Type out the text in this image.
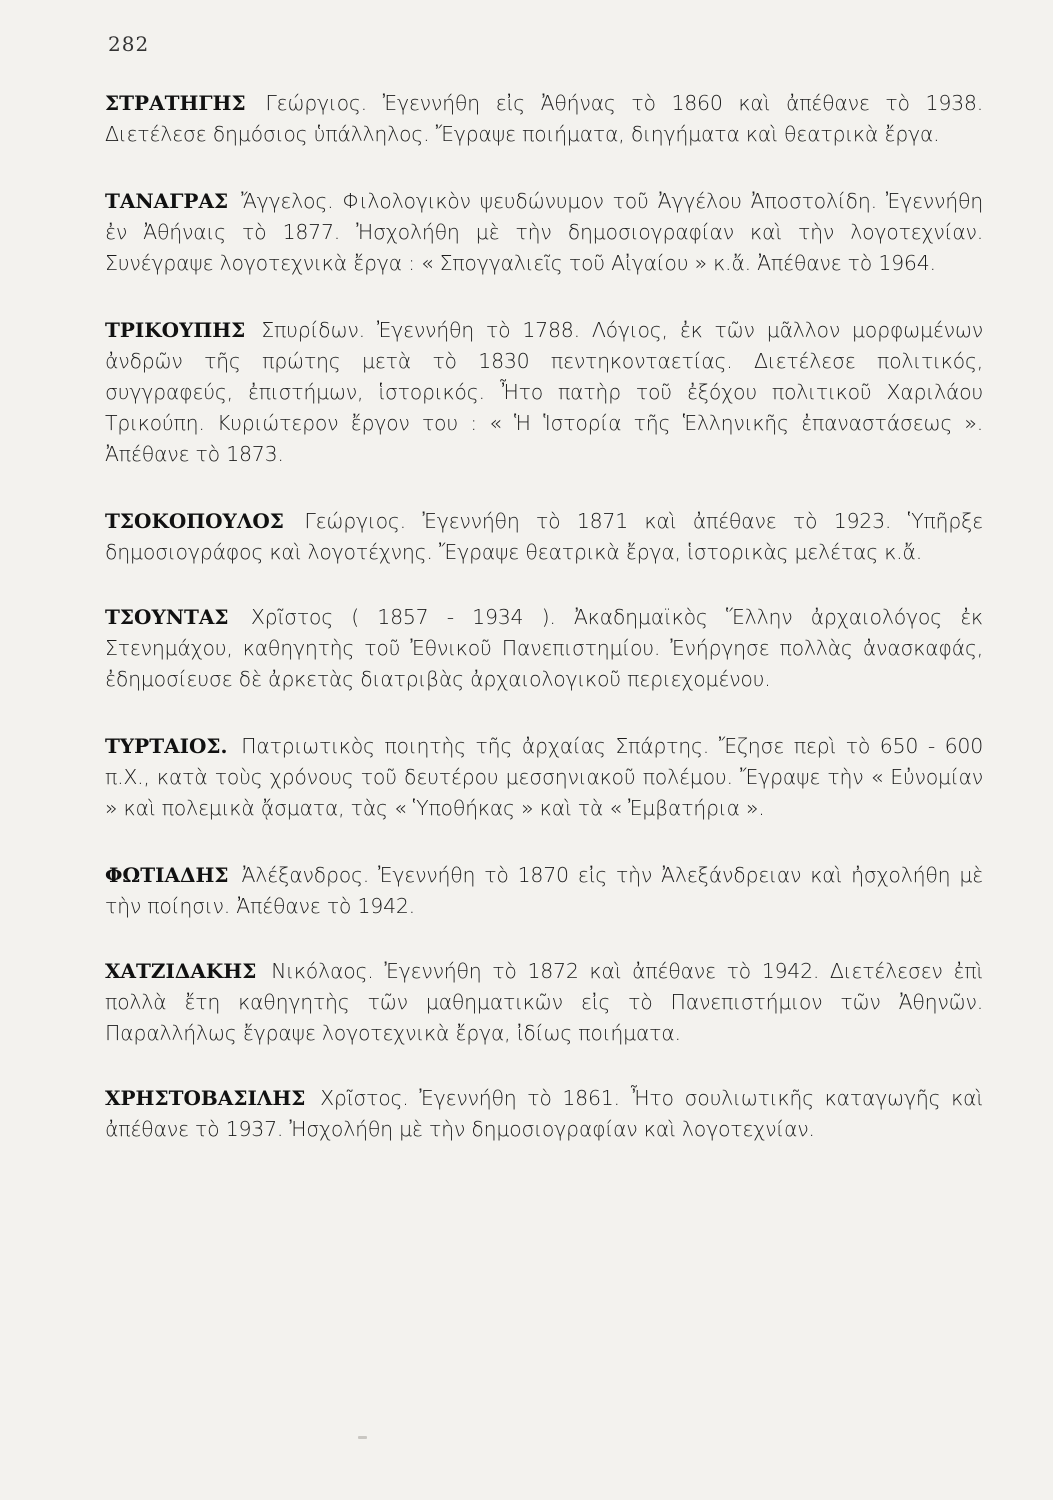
282

ΣΤΡΑΤΗΓΗΣ Γεώργιος. Ἐγεννήθη εἰς Ἀθήνας τὸ 1860 καὶ ἀπέθανε τὸ 1938. Διετέλεσε δημόσιος ὑπάλληλος. Ἔγραψε ποιήματα, διηγήματα καὶ θεατρικὰ ἔργα.

ΤΑΝΑΓΡΑΣ Ἄγγελος. Φιλολογικὸν ψευδώνυμον τοῦ Ἀγγέλου Ἀποστολίδη. Ἐγεννήθη ἐν Ἀθήναις τὸ 1877. Ἠσχολήθη μὲ τὴν δημοσιογραφίαν καὶ τὴν λογοτεχνίαν. Συνέγραψε λογοτεχνικὰ ἔργα : « Σπογγαλιεῖς τοῦ Αἰγαίου » κ.ἄ. Ἀπέθανε τὸ 1964.

ΤΡΙΚΟΥΠΗΣ Σπυρίδων. Ἐγεννήθη τὸ 1788. Λόγιος, ἐκ τῶν μᾶλλον μορφωμένων ἀνδρῶν τῆς πρώτης μετὰ τὸ 1830 πεντηκονταετίας. Διετέλεσε πολιτικός, συγγραφεύς, ἐπιστήμων, ἱστορικός. Ἦτο πατὴρ τοῦ ἐξόχου πολιτικοῦ Χαριλάου Τρικούπη. Κυριώτερον ἔργον του : « Ἡ Ἱστορία τῆς Ἑλληνικῆς ἐπαναστάσεως ». Ἀπέθανε τὸ 1873.

ΤΣΟΚΟΠΟΥΛΟΣ Γεώργιος. Ἐγεννήθη τὸ 1871 καὶ ἀπέθανε τὸ 1923. Ὑπῆρξε δημοσιογράφος καὶ λογοτέχνης. Ἔγραψε θεατρικὰ ἔργα, ἱστορικὰς μελέτας κ.ἄ.

ΤΣΟΥΝΤΑΣ Χρῖστος ( 1857 - 1934 ). Ἀκαδημαϊκὸς Ἕλλην ἀρχαιολόγος ἐκ Στενημάχου, καθηγητὴς τοῦ Ἐθνικοῦ Πανεπιστημίου. Ἐνήργησε πολλὰς ἀνασκαφάς, ἐδημοσίευσε δὲ ἀρκετὰς διατριβὰς ἀρχαιολογικοῦ περιεχομένου.

ΤΥΡΤΑΙΟΣ. Πατριωτικὸς ποιητὴς τῆς ἀρχαίας Σπάρτης. Ἔζησε περὶ τὸ 650 - 600 π.Χ., κατὰ τοὺς χρόνους τοῦ δευτέρου μεσσηνιακοῦ πολέμου. Ἔγραψε τὴν « Εὐνομίαν » καὶ πολεμικὰ ᾄσματα, τὰς « Ὑποθήκας » καὶ τὰ « Ἐμβατήρια ».

ΦΩΤΙΑΔΗΣ Ἀλέξανδρος. Ἐγεννήθη τὸ 1870 εἰς τὴν Ἀλεξάνδρειαν καὶ ἠσχολήθη μὲ τὴν ποίησιν. Ἀπέθανε τὸ 1942.

ΧΑΤΖΙΔΑΚΗΣ Νικόλαος. Ἐγεννήθη τὸ 1872 καὶ ἀπέθανε τὸ 1942. Διετέλεσεν ἐπὶ πολλὰ ἔτη καθηγητὴς τῶν μαθηματικῶν εἰς τὸ Πανεπιστήμιον τῶν Ἀθηνῶν. Παραλλήλως ἔγραψε λογοτεχνικὰ ἔργα, ἰδίως ποιήματα.

ΧΡΗΣΤΟΒΑΣΙΛΗΣ Χρῖστος. Ἐγεννήθη τὸ 1861. Ἦτο σουλιωτικῆς καταγωγῆς καὶ ἀπέθανε τὸ 1937. Ἠσχολήθη μὲ τὴν δημοσιογραφίαν καὶ λογοτεχνίαν.
